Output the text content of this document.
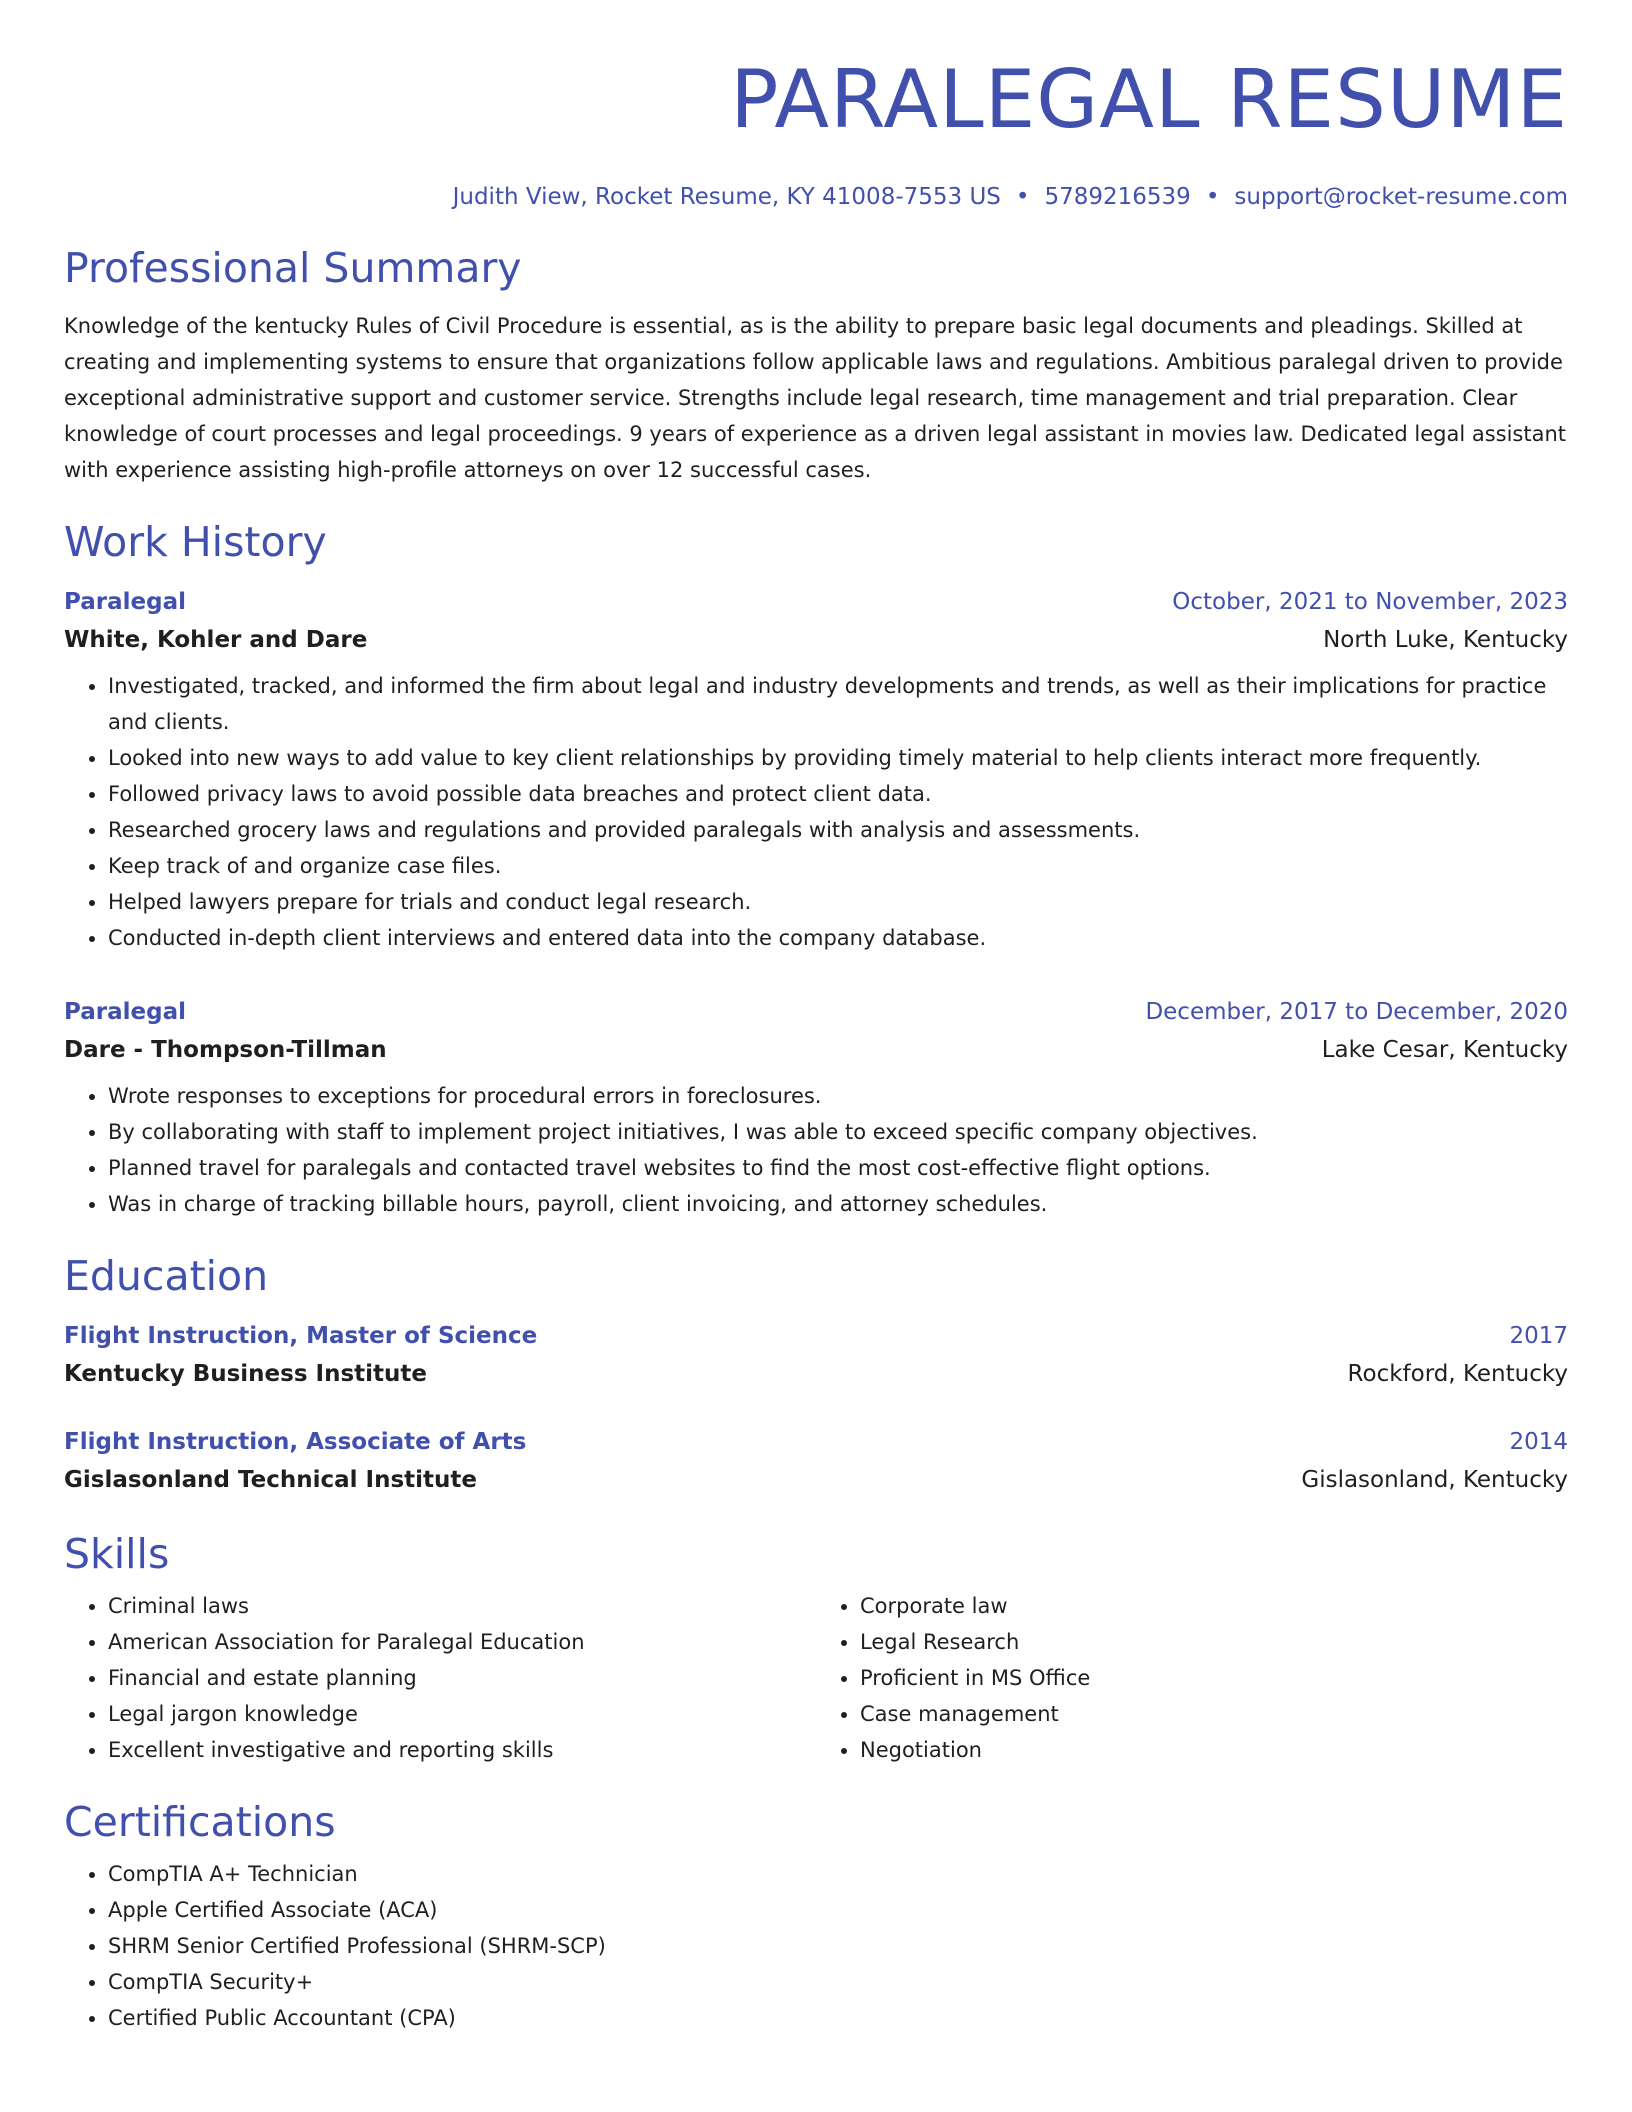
PARALEGAL RESUME
Judith View, Rocket Resume, KY 41008-7553 US • 5789216539 • support@rocket-resume.com
Professional Summary
Knowledge of the kentucky Rules of Civil Procedure is essential, as is the ability to prepare basic legal documents and pleadings. Skilled at creating and implementing systems to ensure that organizations follow applicable laws and regulations. Ambitious paralegal driven to provide exceptional administrative support and customer service. Strengths include legal research, time management and trial preparation. Clear knowledge of court processes and legal proceedings. 9 years of experience as a driven legal assistant in movies law. Dedicated legal assistant with experience assisting high-profile attorneys on over 12 successful cases.
Work History
Paralegal	October, 2021 to November, 2023
White, Kohler and Dare	North Luke, Kentucky
• Investigated, tracked, and informed the firm about legal and industry developments and trends, as well as their implications for practice and clients.
• Looked into new ways to add value to key client relationships by providing timely material to help clients interact more frequently.
• Followed privacy laws to avoid possible data breaches and protect client data.
• Researched grocery laws and regulations and provided paralegals with analysis and assessments.
• Keep track of and organize case files.
• Helped lawyers prepare for trials and conduct legal research.
• Conducted in-depth client interviews and entered data into the company database.
Paralegal	December, 2017 to December, 2020
Dare - Thompson-Tillman	Lake Cesar, Kentucky
• Wrote responses to exceptions for procedural errors in foreclosures.
• By collaborating with staff to implement project initiatives, I was able to exceed specific company objectives.
• Planned travel for paralegals and contacted travel websites to find the most cost-effective flight options.
• Was in charge of tracking billable hours, payroll, client invoicing, and attorney schedules.
Education
Flight Instruction, Master of Science	2017
Kentucky Business Institute	Rockford, Kentucky
Flight Instruction, Associate of Arts	2014
Gislasonland Technical Institute	Gislasonland, Kentucky
Skills
• Criminal laws
• American Association for Paralegal Education
• Financial and estate planning
• Legal jargon knowledge
• Excellent investigative and reporting skills
• Corporate law
• Legal Research
• Proficient in MS Office
• Case management
• Negotiation
Certifications
• CompTIA A+ Technician
• Apple Certified Associate (ACA)
• SHRM Senior Certified Professional (SHRM-SCP)
• CompTIA Security+
• Certified Public Accountant (CPA)
